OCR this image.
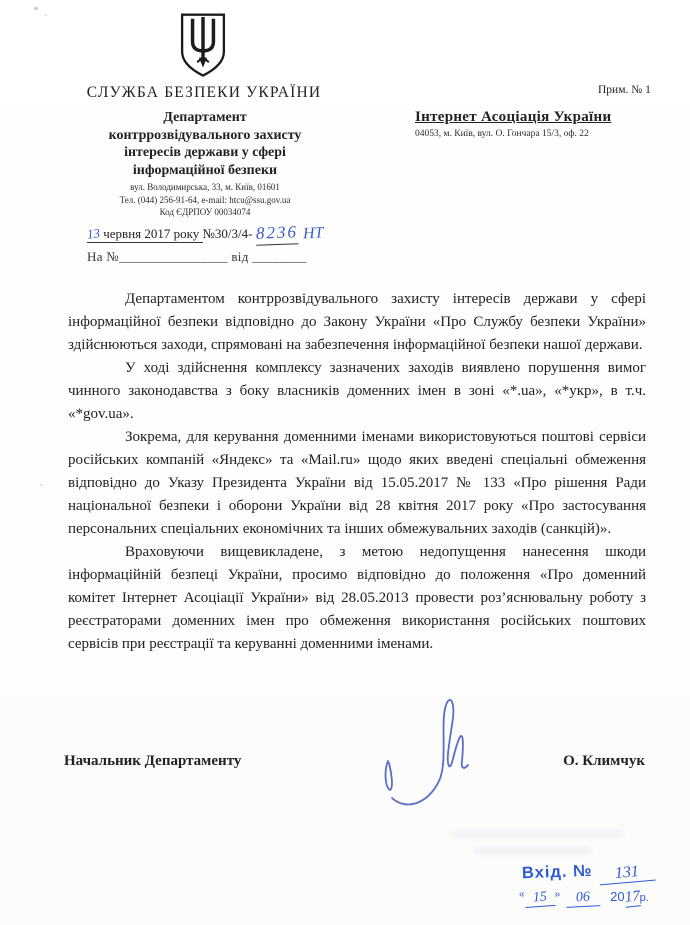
СЛУЖБА БЕЗПЕКИ УКРАЇНИ
Департамент
контррозвідувального захисту
інтересів держави у сфері
інформаційної безпеки
вул. Володимирська, 33, м. Київ, 01601
Тел. (044) 256-91-64, e-mail: htcu@ssu.gov.ua
Код ЄДРПОУ 00034074
13 червня 2017 року №30/3/4- 8236 НТ
На №________________ від ________
Прим. № 1
Інтернет Асоціація України
04053, м. Київ, вул. О. Гончара 15/3, оф. 22

Департаментом контррозвідувального захисту інтересів держави у сфері інформаційної безпеки відповідно до Закону України «Про Службу безпеки України» здійснюються заходи, спрямовані на забезпечення інформаційної безпеки нашої держави.

У ході здійснення комплексу зазначених заходів виявлено порушення вимог чинного законодавства з боку власників доменних імен в зоні «*.ua», «*укр», в т.ч. «*gov.ua».

Зокрема, для керування доменними іменами використовуються поштові сервіси російських компаній «Яндекс» та «Mail.ru» щодо яких введені спеціальні обмеження відповідно до Указу Президента України від 15.05.2017 № 133 «Про рішення Ради національної безпеки і оборони України від 28 квітня 2017 року «Про застосування персональних спеціальних економічних та інших обмежувальних заходів (санкцій)».

Враховуючи вищевикладене, з метою недопущення нанесення шкоди інформаційній безпеці України, просимо відповідно до положення «Про доменний комітет Інтернет Асоціації України» від 28.05.2013 провести роз’яснювальну роботу з реєстраторами доменних імен про обмеження використання російських поштових сервісів при реєстрації та керуванні доменними іменами.

Начальник Департаменту	О. Климчук
Вхід. № 131
« 15 » 06 2017р.
